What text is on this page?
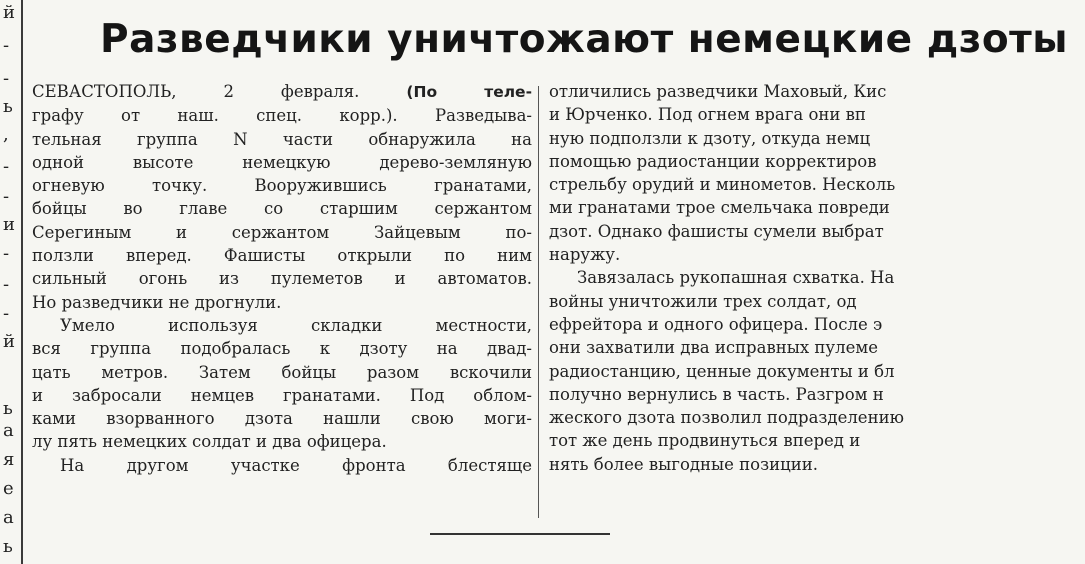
й
-
-
ь
,
-
-
и
-
-
-
й
ь
а
я
е
а
ь
Разведчики уничтожают немецкие дзоты
СЕВАСТОПОЛЬ, 2 февраля. (По теле-
графу от наш. спец. корр.). Разведыва-
тельная группа N части обнаружила на
одной высоте немецкую дерево-земляную
огневую точку. Вооружившись гранатами,
бойцы во главе со старшим сержантом
Серегиным и сержантом Зайцевым по-
ползли вперед. Фашисты открыли по ним
сильный огонь из пулеметов и автоматов.
Но разведчики не дрогнули.
Умело используя складки местности,
вся группа подобралась к дзоту на двад-
цать метров. Затем бойцы разом вскочили
и забросали немцев гранатами. Под облом-
ками взорванного дзота нашли свою моги-
лу пять немецких солдат и два офицера.
На другом участке фронта блестяще
отличились разведчики Маховый, Кис
и Юрченко. Под огнем врага они вп
ную подползли к дзоту, откуда немц
помощью радиостанции корректиров
стрельбу орудий и минометов. Несколь
ми гранатами трое смельчака повреди
дзот. Однако фашисты сумели выбрат
наружу.
Завязалась рукопашная схватка. На
войны уничтожили трех солдат, од
ефрейтора и одного офицера. После э
они захватили два исправных пулеме
радиостанцию, ценные документы и бл
получно вернулись в часть. Разгром н
жеского дзота позволил подразделению
тот же день продвинуться вперед и
нять более выгодные позиции.
